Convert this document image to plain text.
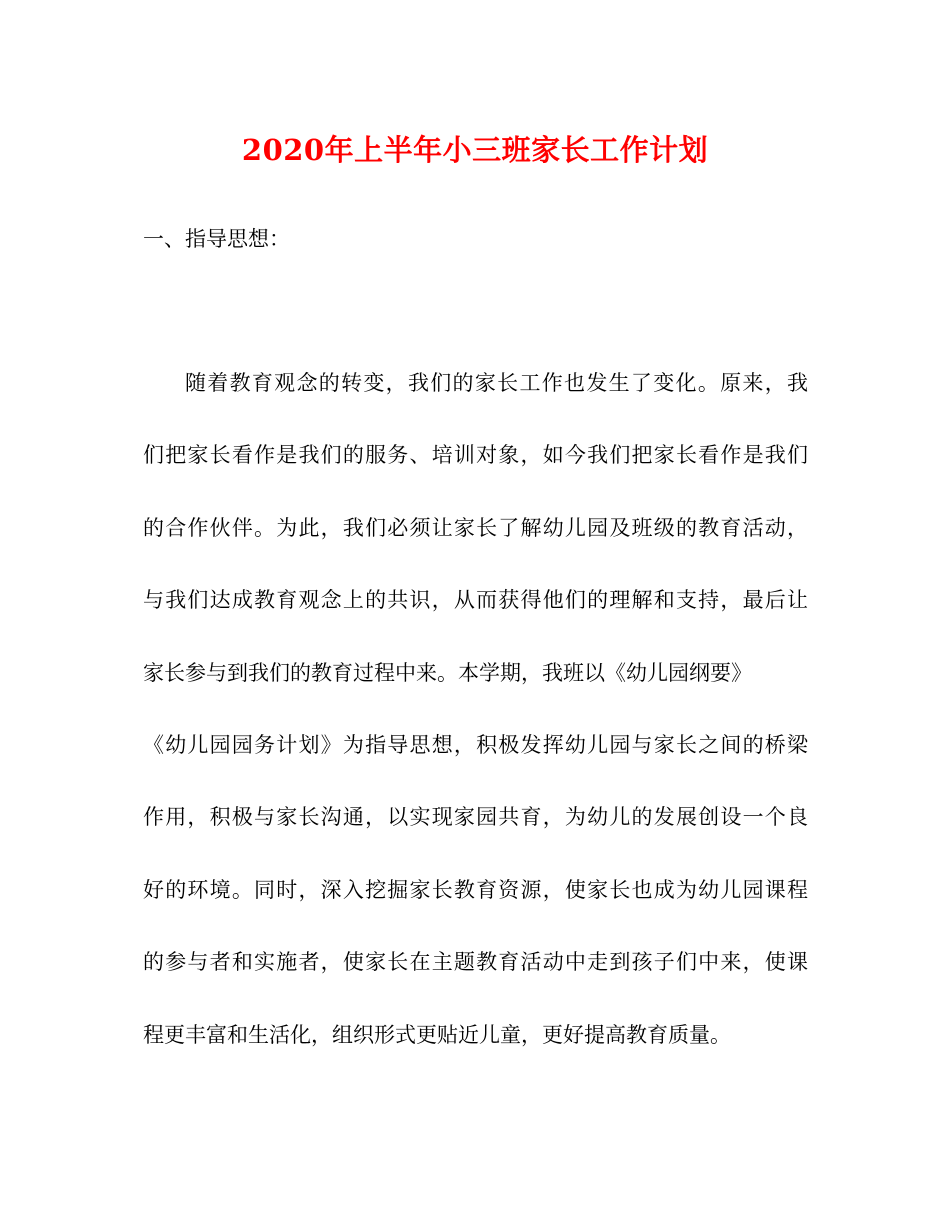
2020年上半年小三班家长工作计划
一、指导思想：
随着教育观念的转变，我们的家长工作也发生了变化。原来，我
们把家长看作是我们的服务、培训对象，如今我们把家长看作是我们
的合作伙伴。为此，我们必须让家长了解幼儿园及班级的教育活动，
与我们达成教育观念上的共识，从而获得他们的理解和支持，最后让
家长参与到我们的教育过程中来。本学期，我班以《幼儿园纲要》
《幼儿园园务计划》为指导思想，积极发挥幼儿园与家长之间的桥梁
作用，积极与家长沟通，以实现家园共育，为幼儿的发展创设一个良
好的环境。同时，深入挖掘家长教育资源，使家长也成为幼儿园课程
的参与者和实施者，使家长在主题教育活动中走到孩子们中来，使课
程更丰富和生活化，组织形式更贴近儿童，更好提高教育质量。
